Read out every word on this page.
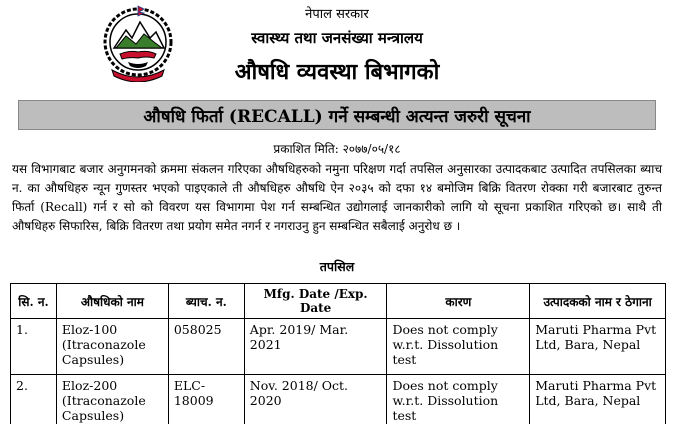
नेपाल सरकार
स्वास्थ्य तथा जनसंख्या मन्त्रालय
औषधि व्यवस्था बिभागको
औषधि फिर्ता (RECALL) गर्ने सम्बन्धी अत्यन्त जरुरी सूचना
प्रकाशित मिति: २०७७/०५/१८
यस विभागबाट बजार अनुगमनको क्रममा संकलन गरिएका औषधिहरुको नमुना परिक्षण गर्दा तपसिल अनुसारका उत्पादकबाट उत्पादित तपसिलका ब्याच न. का औषधिहरु न्यून गुणस्तर भएको पाइएकाले ती औषधिहरु औषधि ऐन २०३५ को दफा १४ बमोजिम बिक्रि वितरण रोक्का गरी बजारबाट तुरुन्त फिर्ता (Recall) गर्न र सो को विवरण यस विभागमा पेश गर्न सम्बन्धित उद्योगलाई जानकारीको लागि यो सूचना प्रकाशित गरिएको छ। साथै ती औषधिहरु सिफारिस, बिक्रि वितरण तथा प्रयोग समेत नगर्न र नगराउनु हुन सम्बन्धित सबैलाई अनुरोध छ ।
तपसिल
सि. न.	औषधिको नाम	ब्याच. न.	Mfg. Date /Exp. Date	कारण	उत्पादकको नाम र ठेगाना
1.	Eloz-100 (Itraconazole Capsules)	058025	Apr. 2019/ Mar. 2021	Does not comply w.r.t. Dissolution test	Maruti Pharma Pvt Ltd, Bara, Nepal
2.	Eloz-200 (Itraconazole Capsules)	ELC-18009	Nov. 2018/ Oct. 2020	Does not comply w.r.t. Dissolution test	Maruti Pharma Pvt Ltd, Bara, Nepal
